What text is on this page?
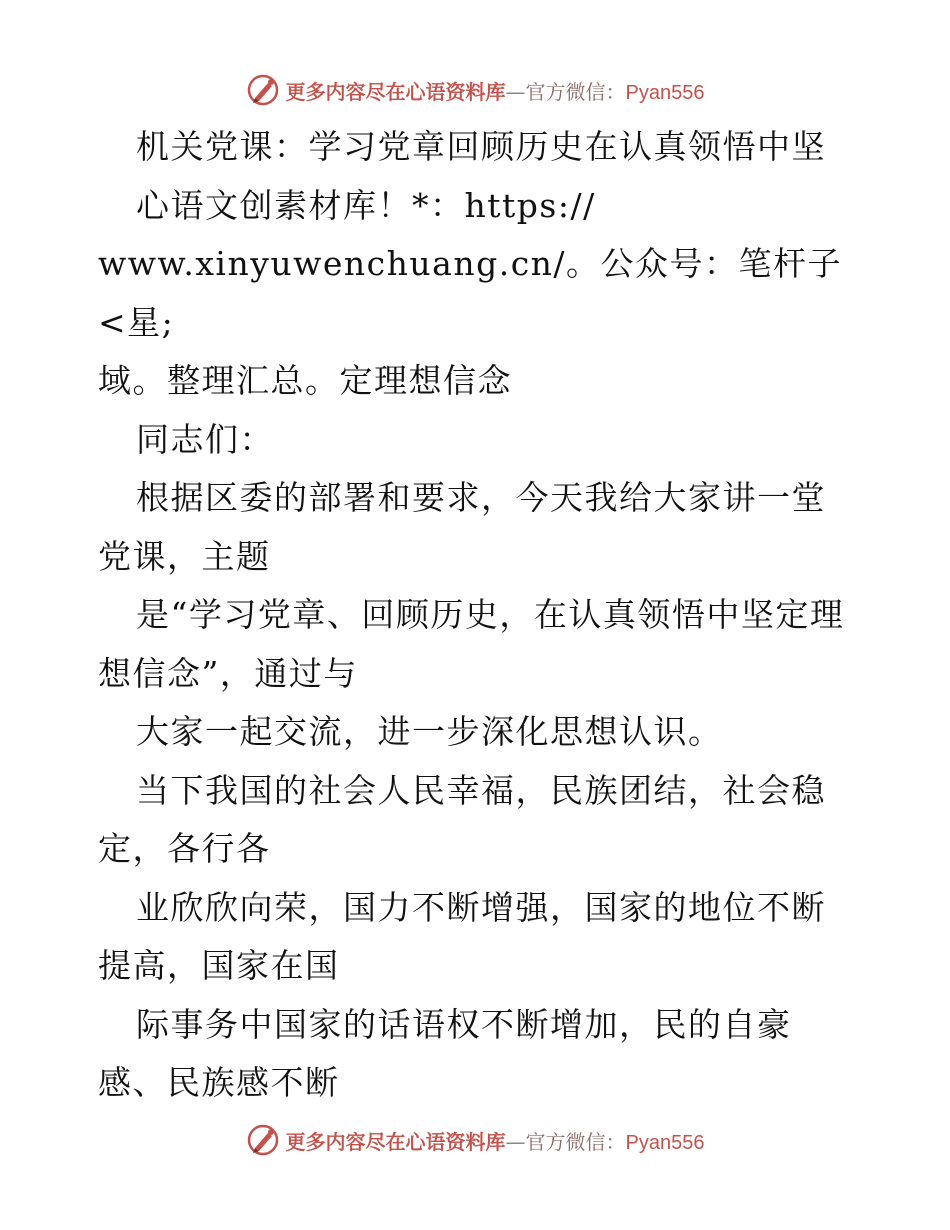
更多内容尽在心语资料库 — 官方微信： Pyan556

机关党课：学习党章回顾历史在认真领悟中坚

心语文创素材库！*：https://

www.xinyuwenchuang.cn/。公众号：笔杆子<星;

域。整理汇总。定理想信念

同志们：

根据区委的部署和要求，今天我给大家讲一堂党课，主题

是“学习党章、回顾历史，在认真领悟中坚定理想信念”，通过与

大家一起交流，进一步深化思想认识。

当下我国的社会人民幸福，民族团结，社会稳定，各行各

业欣欣向荣，国力不断增强，国家的地位不断提高，国家在国

际事务中国家的话语权不断增加，民的自豪感、民族感不断

更多内容尽在心语资料库 — 官方微信： Pyan556
